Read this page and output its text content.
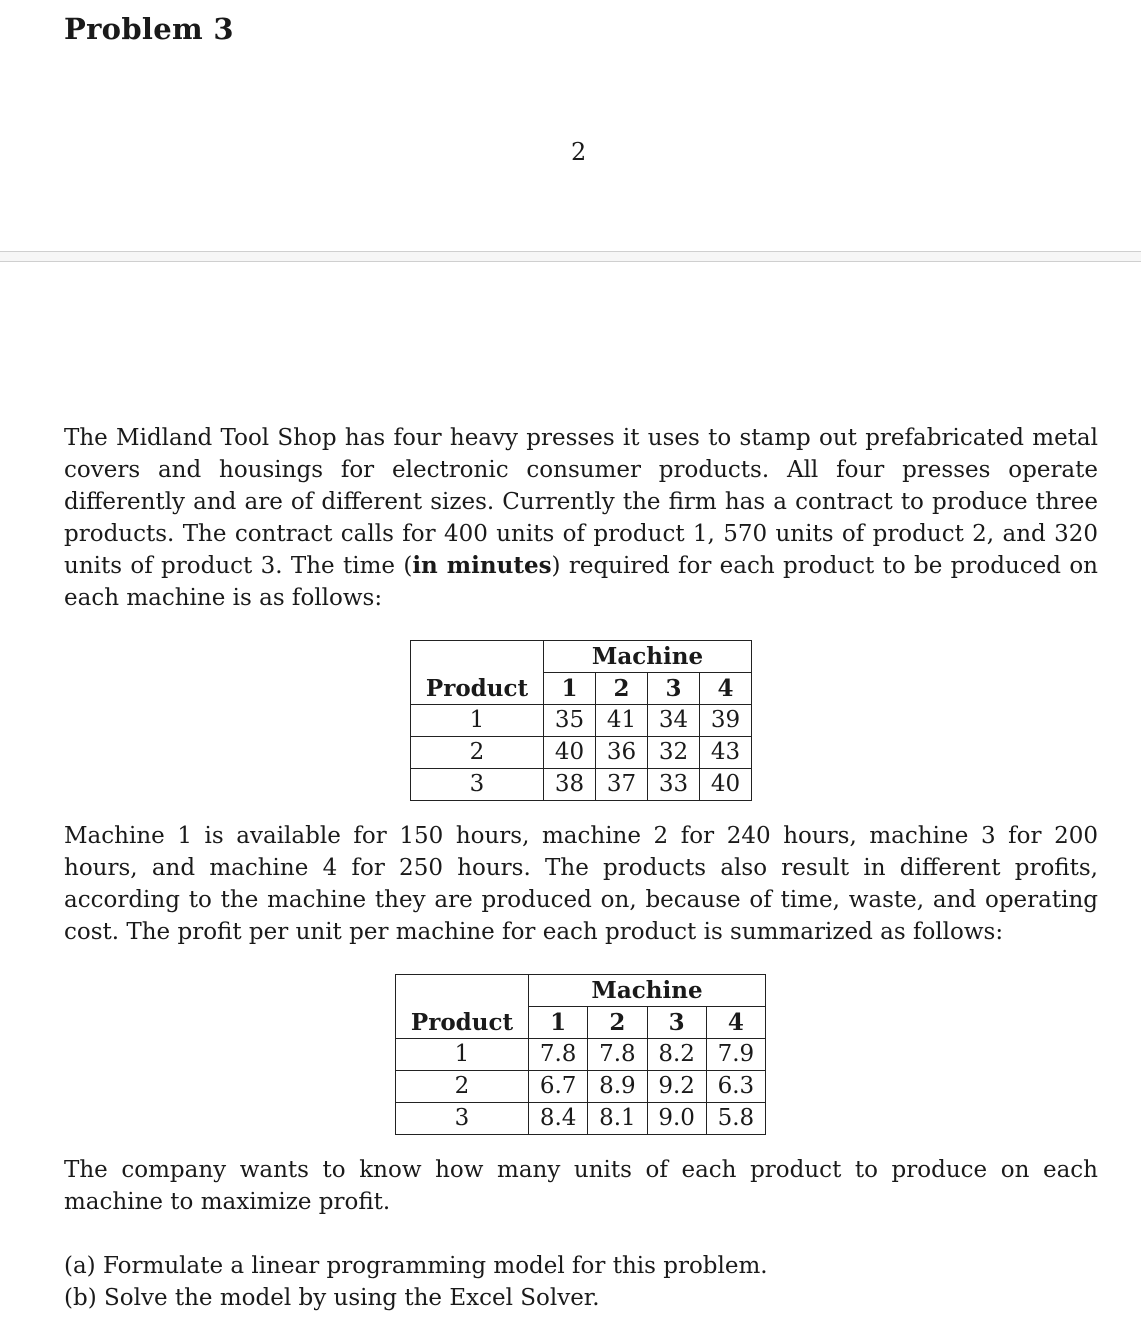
Problem 3
2
The Midland Tool Shop has four heavy presses it uses to stamp out prefabricated metal covers and housings for electronic consumer products. All four presses operate differently and are of different sizes. Currently the firm has a contract to produce three products. The contract calls for 400 units of product 1, 570 units of product 2, and 320 units of product 3. The time (in minutes) required for each product to be produced on each machine is as follows:
	Machine			
Product	1	2	3	4
1	35	41	34	39
2	40	36	32	43
3	38	37	33	40
Machine 1 is available for 150 hours, machine 2 for 240 hours, machine 3 for 200 hours, and machine 4 for 250 hours. The products also result in different profits, according to the machine they are produced on, because of time, waste, and operating cost. The profit per unit per machine for each product is summarized as follows:
	Machine			
Product	1	2	3	4
1	7.8	7.8	8.2	7.9
2	6.7	8.9	9.2	6.3
3	8.4	8.1	9.0	5.8
The company wants to know how many units of each product to produce on each machine to maximize profit.
(a) Formulate a linear programming model for this problem.
(b) Solve the model by using the Excel Solver.
